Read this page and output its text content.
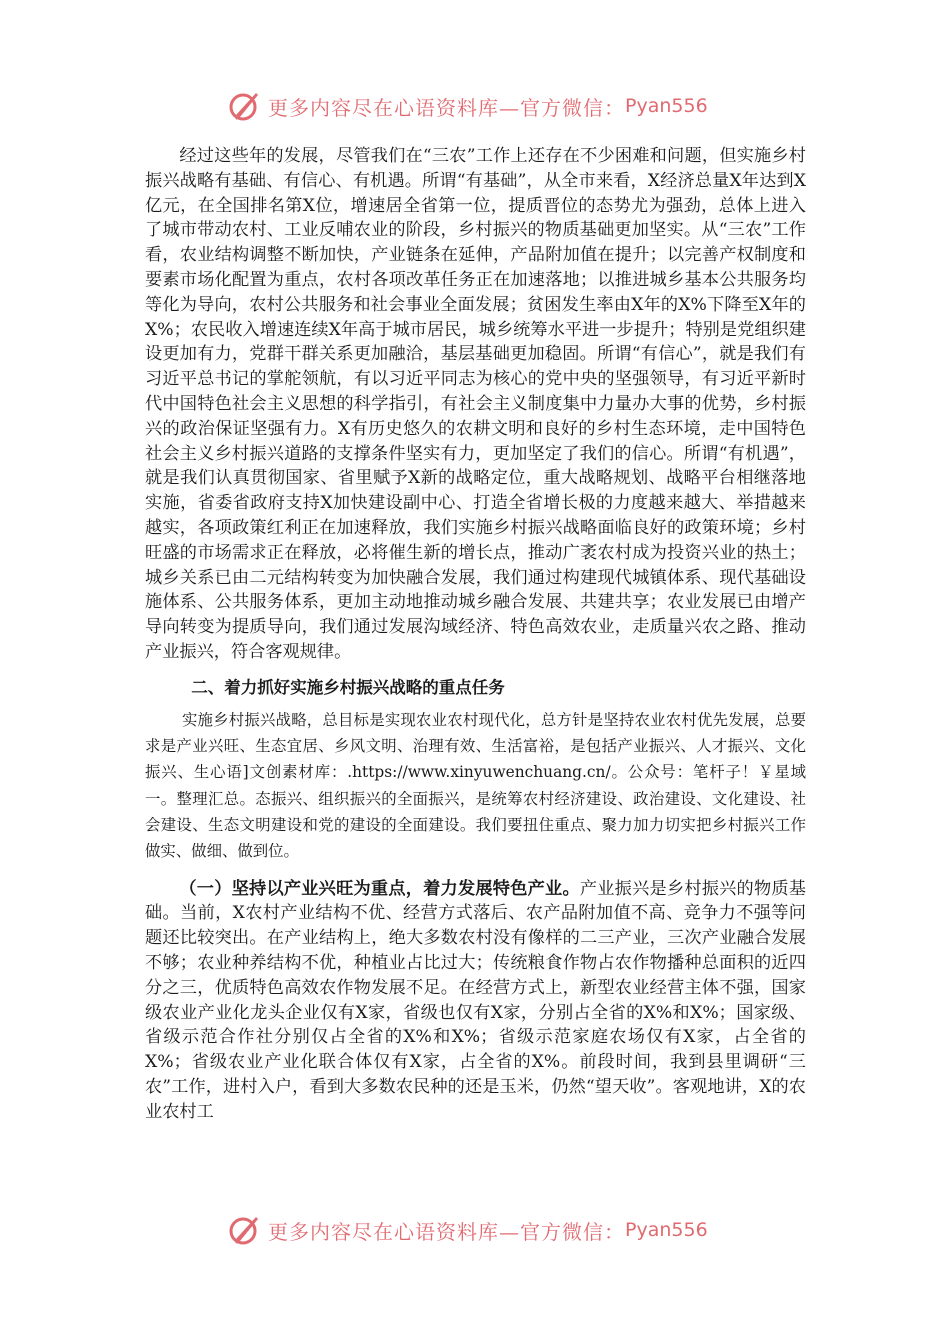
更多内容尽在心语资料库—官方微信： Pyan556

经过这些年的发展，尽管我们在“三农”工作上还存在不少困难和问题，但实施乡村振兴战略有基础、有信心、有机遇。所谓“有基础”，从全市来看，X经济总量X年达到X亿元，在全国排名第X位，增速居全省第一位，提质晋位的态势尤为强劲，总体上进入了城市带动农村、工业反哺农业的阶段，乡村振兴的物质基础更加坚实。从“三农”工作看，农业结构调整不断加快，产业链条在延伸，产品附加值在提升；以完善产权制度和要素市场化配置为重点，农村各项改革任务正在加速落地；以推进城乡基本公共服务均等化为导向，农村公共服务和社会事业全面发展；贫困发生率由X年的X%下降至X年的X%；农民收入增速连续X年高于城市居民，城乡统筹水平进一步提升；特别是党组织建设更加有力，党群干群关系更加融洽，基层基础更加稳固。所谓“有信心”，就是我们有习近平总书记的掌舵领航，有以习近平同志为核心的党中央的坚强领导，有习近平新时代中国特色社会主义思想的科学指引，有社会主义制度集中力量办大事的优势，乡村振兴的政治保证坚强有力。X有历史悠久的农耕文明和良好的乡村生态环境，走中国特色社会主义乡村振兴道路的支撑条件坚实有力，更加坚定了我们的信心。所谓“有机遇”，就是我们认真贯彻国家、省里赋予X新的战略定位，重大战略规划、战略平台相继落地实施，省委省政府支持X加快建设副中心、打造全省增长极的力度越来越大、举措越来越实，各项政策红利正在加速释放，我们实施乡村振兴战略面临良好的政策环境；乡村旺盛的市场需求正在释放，必将催生新的增长点，推动广袤农村成为投资兴业的热土；城乡关系已由二元结构转变为加快融合发展，我们通过构建现代城镇体系、现代基础设施体系、公共服务体系，更加主动地推动城乡融合发展、共建共享；农业发展已由增产导向转变为提质导向，我们通过发展沟域经济、特色高效农业，走质量兴农之路、推动产业振兴，符合客观规律。

二、着力抓好实施乡村振兴战略的重点任务

实施乡村振兴战略，总目标是实现农业农村现代化，总方针是坚持农业农村优先发展，总要求是产业兴旺、生态宜居、乡风文明、治理有效、生活富裕，是包括产业振兴、人才振兴、文化振兴、生心语]文创素材库：.https://www.xinyuwenchuang.cn/。公众号：笔杆子！￥星域一。整理汇总。态振兴、组织振兴的全面振兴，是统筹农村经济建设、政治建设、文化建设、社会建设、生态文明建设和党的建设的全面建设。我们要扭住重点、聚力加力切实把乡村振兴工作做实、做细、做到位。

（一）坚持以产业兴旺为重点，着力发展特色产业。产业振兴是乡村振兴的物质基础。当前，X农村产业结构不优、经营方式落后、农产品附加值不高、竞争力不强等问题还比较突出。在产业结构上，绝大多数农村没有像样的二三产业，三次产业融合发展不够；农业种养结构不优，种植业占比过大；传统粮食作物占农作物播种总面积的近四分之三，优质特色高效农作物发展不足。在经营方式上，新型农业经营主体不强，国家级农业产业化龙头企业仅有X家，省级也仅有X家，分别占全省的X%和X%；国家级、省级示范合作社分别仅占全省的X%和X%；省级示范家庭农场仅有X家，占全省的X%；省级农业产业化联合体仅有X家，占全省的X%。前段时间，我到县里调研“三农”工作，进村入户，看到大多数农民种的还是玉米，仍然“望天收”。客观地讲，X的农业农村工

更多内容尽在心语资料库—官方微信： Pyan556
